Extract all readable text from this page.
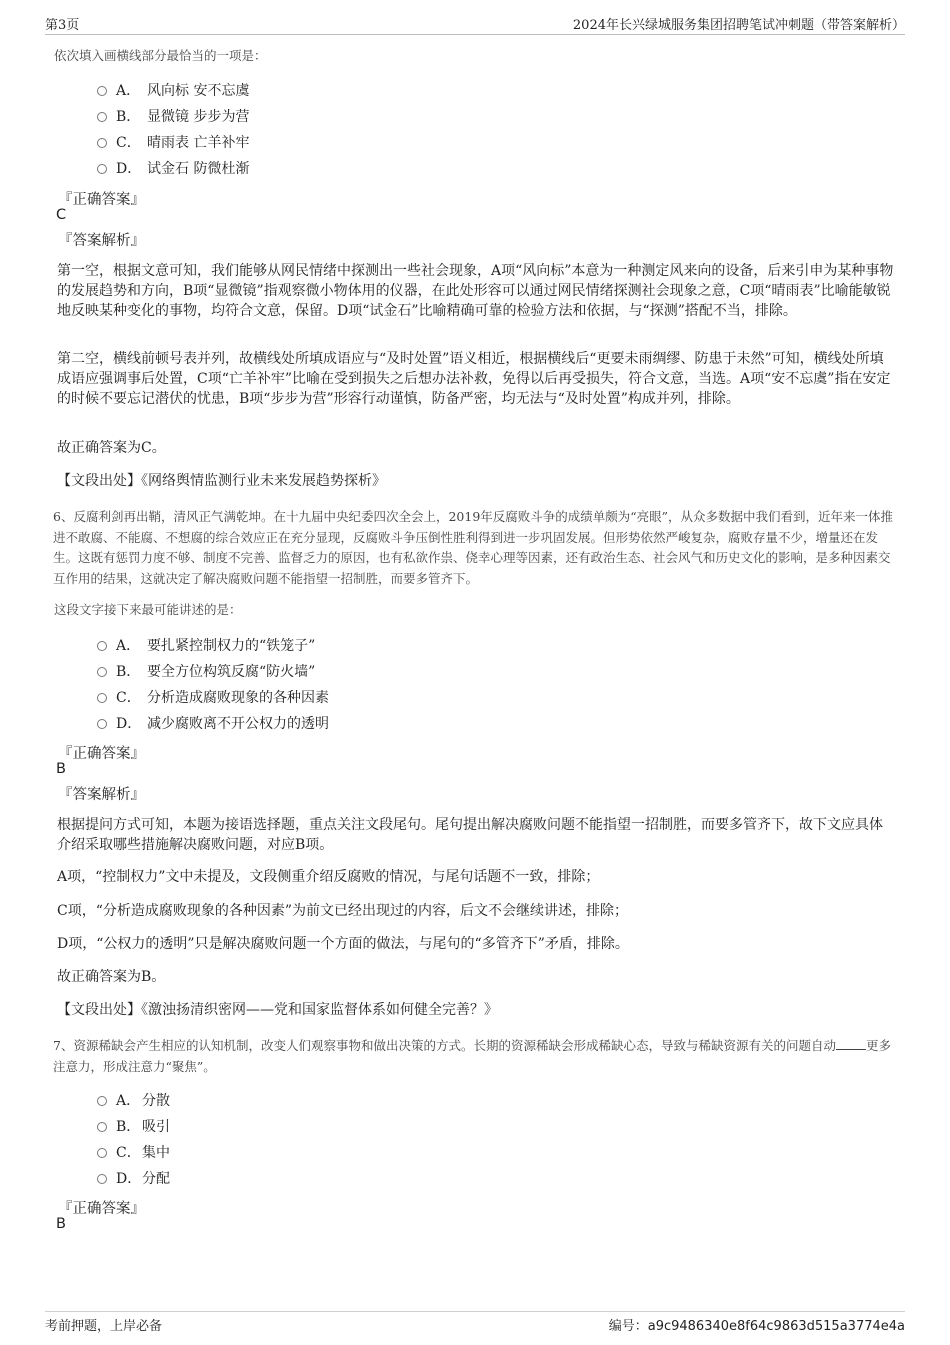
第3页	2024年长兴绿城服务集团招聘笔试冲刺题（带答案解析）
依次填入画横线部分最恰当的一项是：
A． 风向标 安不忘虞
B． 显微镜 步步为营
C． 晴雨表 亡羊补牢
D． 试金石 防微杜渐
『正确答案』
C
『答案解析』
第一空，根据文意可知，我们能够从网民情绪中探测出一些社会现象，A项“风向标”本意为一种测定风来向的设备，后来引申为某种事物的发展趋势和方向，B项“显微镜”指观察微小物体用的仪器，在此处形容可以通过网民情绪探测社会现象之意，C项“晴雨表”比喻能敏锐地反映某种变化的事物，均符合文意，保留。D项“试金石”比喻精确可靠的检验方法和依据，与“探测”搭配不当，排除。
第二空，横线前顿号表并列，故横线处所填成语应与“及时处置”语义相近，根据横线后“更要未雨绸缪、防患于未然”可知，横线处所填成语应强调事后处置，C项“亡羊补牢”比喻在受到损失之后想办法补救，免得以后再受损失，符合文意，当选。A项“安不忘虞”指在安定的时候不要忘记潜伏的忧患，B项“步步为营”形容行动谨慎，防备严密，均无法与“及时处置”构成并列，排除。
故正确答案为C。
【文段出处】《网络舆情监测行业未来发展趋势探析》
6、反腐利剑再出鞘，清风正气满乾坤。在十九届中央纪委四次全会上，2019年反腐败斗争的成绩单颇为“亮眼”，从众多数据中我们看到，近年来一体推进不敢腐、不能腐、不想腐的综合效应正在充分显现，反腐败斗争压倒性胜利得到进一步巩固发展。但形势依然严峻复杂，腐败存量不少，增量还在发生。这既有惩罚力度不够、制度不完善、监督乏力的原因，也有私欲作祟、侥幸心理等因素，还有政治生态、社会风气和历史文化的影响，是多种因素交互作用的结果，这就决定了解决腐败问题不能指望一招制胜，而要多管齐下。
这段文字接下来最可能讲述的是：
A． 要扎紧控制权力的“铁笼子”
B． 要全方位构筑反腐“防火墙”
C． 分析造成腐败现象的各种因素
D． 减少腐败离不开公权力的透明
『正确答案』
B
『答案解析』
根据提问方式可知，本题为接语选择题，重点关注文段尾句。尾句提出解决腐败问题不能指望一招制胜，而要多管齐下，故下文应具体介绍采取哪些措施解决腐败问题，对应B项。
A项，“控制权力”文中未提及，文段侧重介绍反腐败的情况，与尾句话题不一致，排除；
C项，“分析造成腐败现象的各种因素”为前文已经出现过的内容，后文不会继续讲述，排除；
D项，“公权力的透明”只是解决腐败问题一个方面的做法，与尾句的“多管齐下”矛盾，排除。
故正确答案为B。
【文段出处】《激浊扬清织密网——党和国家监督体系如何健全完善？》
7、资源稀缺会产生相应的认知机制，改变人们观察事物和做出决策的方式。长期的资源稀缺会形成稀缺心态，导致与稀缺资源有关的问题自动 更多注意力，形成注意力“聚焦”。
A． 分散
B． 吸引
C．集中
D．分配
『正确答案』
B
考前押题，上岸必备	编号：a9c9486340e8f64c9863d515a3774e4a
